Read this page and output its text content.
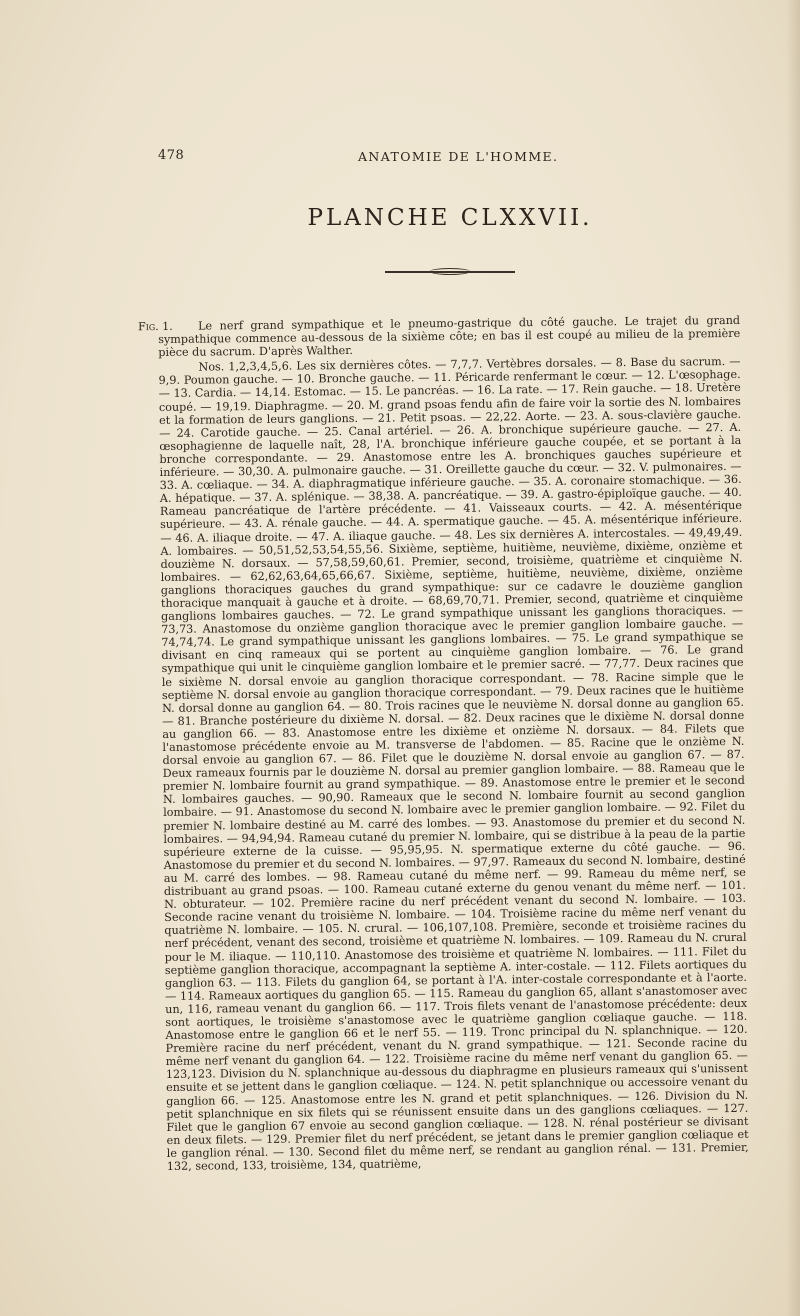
478	ANATOMIE DE L'HOMME.
PLANCHE CLXXVII.
Fig. 1.	Le nerf grand sympathique et le pneumo-gastrique du côté gauche. Le trajet du grand sympathique commence au-dessous de la sixième côte; en bas il est coupé au milieu de la première pièce du sacrum. D'après Walther.

Nos. 1,2,3,4,5,6. Les six dernières côtes. — 7,7,7. Vertèbres dorsales. — 8. Base du sacrum. — 9,9. Poumon gauche. — 10. Bronche gauche. — 11. Péricarde renfermant le cœur. — 12. L'œsophage. — 13. Cardia. — 14,14. Estomac. — 15. Le pancréas. — 16. La rate. — 17. Rein gauche. — 18. Uretère coupé. — 19,19. Diaphragme. — 20. M. grand psoas fendu afin de faire voir la sortie des N. lombaires et la formation de leurs ganglions. — 21. Petit psoas. — 22,22. Aorte. — 23. A. sous-clavière gauche. — 24. Carotide gauche. — 25. Canal artériel. — 26. A. bronchique supérieure gauche. — 27. A. œsophagienne de laquelle naît, 28, l'A. bronchique inférieure gauche coupée, et se portant à la bronche correspondante. — 29. Anastomose entre les A. bronchiques gauches supérieure et inférieure. — 30,30. A. pulmonaire gauche. — 31. Oreillette gauche du cœur. — 32. V. pulmonaires. — 33. A. cœliaque. — 34. A. diaphragmatique inférieure gauche. — 35. A. coronaire stomachique. — 36. A. hépatique. — 37. A. splénique. — 38,38. A. pancréatique. — 39. A. gastro-épiploïque gauche. — 40. Rameau pancréatique de l'artère précédente. — 41. Vaisseaux courts. — 42. A. mésentérique supérieure. — 43. A. rénale gauche. — 44. A. spermatique gauche. — 45. A. mésentérique inférieure. — 46. A. iliaque droite. — 47. A. iliaque gauche. — 48. Les six dernières A. intercostales. — 49,49,49. A. lombaires. — 50,51,52,53,54,55,56. Sixième, septième, huitième, neuvième, dixième, onzième et douzième N. dorsaux. — 57,58,59,60,61. Premier, second, troisième, quatrième et cinquième N. lombaires. — 62,62,63,64,65,66,67. Sixième, septième, huitième, neuvième, dixième, onzième ganglions thoraciques gauches du grand sympathique: sur ce cadavre le douzième ganglion thoracique manquait à gauche et à droite. — 68,69,70,71. Premier, second, quatrième et cinquième ganglions lombaires gauches. — 72. Le grand sympathique unissant les ganglions thoraciques. — 73,73. Anastomose du onzième ganglion thoracique avec le premier ganglion lombaire gauche. — 74,74,74. Le grand sympathique unissant les ganglions lombaires. — 75. Le grand sympathique se divisant en cinq rameaux qui se portent au cinquième ganglion lombaire. — 76. Le grand sympathique qui unit le cinquième ganglion lombaire et le premier sacré. — 77,77. Deux racines que le sixième N. dorsal envoie au ganglion thoracique correspondant. — 78. Racine simple que le septième N. dorsal envoie au ganglion thoracique correspondant. — 79. Deux racines que le huitième N. dorsal donne au ganglion 64. — 80. Trois racines que le neuvième N. dorsal donne au ganglion 65. — 81. Branche postérieure du dixième N. dorsal. — 82. Deux racines que le dixième N. dorsal donne au ganglion 66. — 83. Anastomose entre les dixième et onzième N. dorsaux. — 84. Filets que l'anastomose précédente envoie au M. transverse de l'abdomen. — 85. Racine que le onzième N. dorsal envoie au ganglion 67. — 86. Filet que le douzième N. dorsal envoie au ganglion 67. — 87. Deux rameaux fournis par le douzième N. dorsal au premier ganglion lombaire. — 88. Rameau que le premier N. lombaire fournit au grand sympathique. — 89. Anastomose entre le premier et le second N. lombaires gauches. — 90,90. Rameaux que le second N. lombaire fournit au second ganglion lombaire. — 91. Anastomose du second N. lombaire avec le premier ganglion lombaire. — 92. Filet du premier N. lombaire destiné au M. carré des lombes. — 93. Anastomose du premier et du second N. lombaires. — 94,94,94. Rameau cutané du premier N. lombaire, qui se distribue à la peau de la partie supérieure externe de la cuisse. — 95,95,95. N. spermatique externe du côté gauche. — 96. Anastomose du premier et du second N. lombaires. — 97,97. Rameaux du second N. lombaire, destiné au M. carré des lombes. — 98. Rameau cutané du même nerf. — 99. Rameau du même nerf, se distribuant au grand psoas. — 100. Rameau cutané externe du genou venant du même nerf. — 101. N. obturateur. — 102. Première racine du nerf précédent venant du second N. lombaire. — 103. Seconde racine venant du troisième N. lombaire. — 104. Troisième racine du même nerf venant du quatrième N. lombaire. — 105. N. crural. — 106,107,108. Première, seconde et troisième racines du nerf précédent, venant des second, troisième et quatrième N. lombaires. — 109. Rameau du N. crural pour le M. iliaque. — 110,110. Anastomose des troisième et quatrième N. lombaires. — 111. Filet du septième ganglion thoracique, accompagnant la septième A. inter-costale. — 112. Filets aortiques du ganglion 63. — 113. Filets du ganglion 64, se portant à l'A. inter-costale correspondante et à l'aorte. — 114. Rameaux aortiques du ganglion 65. — 115. Rameau du ganglion 65, allant s'anastomoser avec un, 116, rameau venant du ganglion 66. — 117. Trois filets venant de l'anastomose précédente: deux sont aortiques, le troisième s'anastomose avec le quatrième ganglion cœliaque gauche. — 118. Anastomose entre le ganglion 66 et le nerf 55. — 119. Tronc principal du N. splanchnique. — 120. Première racine du nerf précédent, venant du N. grand sympathique. — 121. Seconde racine du même nerf venant du ganglion 64. — 122. Troisième racine du même nerf venant du ganglion 65. — 123,123. Division du N. splanchnique au-dessous du diaphragme en plusieurs rameaux qui s'unissent ensuite et se jettent dans le ganglion cœliaque. — 124. N. petit splanchnique ou accessoire venant du ganglion 66. — 125. Anastomose entre les N. grand et petit splanchniques. — 126. Division du N. petit splanchnique en six filets qui se réunissent ensuite dans un des ganglions cœliaques. — 127. Filet que le ganglion 67 envoie au second ganglion cœliaque. — 128. N. rénal postérieur se divisant en deux filets. — 129. Premier filet du nerf précédent, se jetant dans le premier ganglion cœliaque et le ganglion rénal. — 130. Second filet du même nerf, se rendant au ganglion rénal. — 131. Premier, 132, second, 133, troisième, 134, quatrième,
